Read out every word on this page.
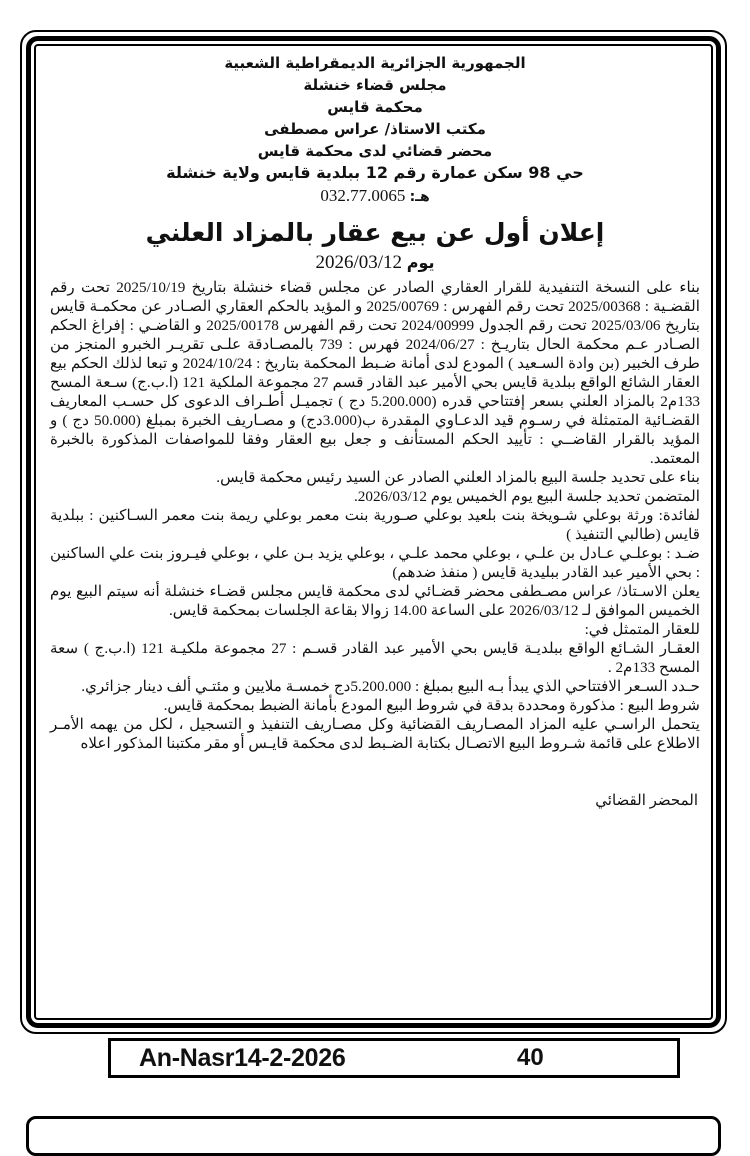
الجمهورية الجزائرية الديمقراطية الشعبية
مجلس قضاء خنشلة
محكمة قايس
مكتب الاستاذ/ عراس مصطفى
محضر قضائي لدى محكمة قايس
حي 98 سكن عمارة رقم 12 ببلدية قايس ولاية خنشلة
هـ: 032.77.0065
إعلان أول عن بيع عقار بالمزاد العلني
يوم 2026/03/12

بناء على النسخة التنفيدية للقرار العقاري الصادر عن مجلس قضاء خنشلة بتاريخ 2025/10/19 تحت رقم القضـية : 2025/00368 تحت رقم الفهرس : 2025/00769 و المؤيد بالحكم العقاري الصـادر عن محكمـة قايس بتاريخ 2025/03/06 تحت رقم الجدول 2024/00999 تحت رقم الفهرس 2025/00178 و القاضـي : إفراغ الحكم الصـادر عـم محكمة الحال بتاريـخ : 2024/06/27 فهرس : 739 بالمصـادقة علـى تقريـر الخبرو المنجز من طرف الخبير (بن وادة السـعيد ) المودع لدى أمانة ضـبط المحكمة بتاريخ : 2024/10/24 و تبعا لذلك الحكم بيع العقار الشائع الواقع ببلدية قايس بحي الأمير عبد القادر قسم 27 مجموعة الملكية 121 (ا.ب.ج) سـعة المسح 133م2 بالمزاد العلني بسعر إفتتاحي قدره (5.200.000 دج ) تجميـل أطـراف الدعوى كل حسـب المعاريف القضـائية المتمثلة في رسـوم قيد الدعـاوي المقدرة ب(3.000دج) و مصـاريف الخبرة بمبلغ (50.000 دج ) و المؤيد بالقرار القاضــي : تأييد الحكم المستأنف و جعل بيع العقار وفقا للمواصفات المذكورة بالخبرة المعتمد.

بناء على تحديد جلسة البيع بالمزاد العلني الصادر عن السيد رئيس محكمة قايس.

المتضمن تحديد جلسة البيع يوم الخميس يوم 2026/03/12.

لفائدة: ورثة بوعلي شـويخة بنت بلعيد بوعلي صـورية بنت معمر بوعلي ريمة بنت معمر السـاكنين : ببلدية قايس (طالبي التنفيذ )

ضـد : بوعلـي عـادل بن علـي ، بوعلي محمد علـي ، بوعلي يزيد بـن علي ، بوعلي فيـروز بنت علي الساكنين : بحي الأمير عبد القادر ببليدية قايس ( منفذ ضدهم)

يعلن الاسـتاذ/ عراس مصـطفى محضر قضـائي لدى محكمة قايس مجلس قضـاء خنشلة أنه سيتم البيع يوم الخميس الموافق لـ 2026/03/12 على الساعة 14.00 زوالا بقاعة الجلسات بمحكمة قايس.

للعقار المتمثل في:

العقـار الشـائع الواقع ببلديـة قايس بحي الأمير عبد القادر قسـم : 27 مجموعة ملكيـة 121 (ا.ب.ج ) سعة المسح 133م2 .

حـدد السـعر الافتتاحي الذي يبدأ بـه البيع بمبلغ : 5.200.000دج خمسـة ملايين و مئتـي ألف دينار جزائري.

شروط البيع : مذكورة ومحددة بدقة في شروط البيع المودع بأمانة الضبط بمحكمة قايس.

يتحمل الراسـي عليه المزاد المصـاريف القضائية وكل مصـاريف التنفيذ و التسجيل ، لكل من يهمه الأمـر الاطلاع على قائمة شـروط البيع الاتصـال بكتابة الضـبط لدى محكمة قايـس أو مقر مكتبنا المذكور اعلاه

المحضر القضائي
An-Nasr14-2-2026	40
